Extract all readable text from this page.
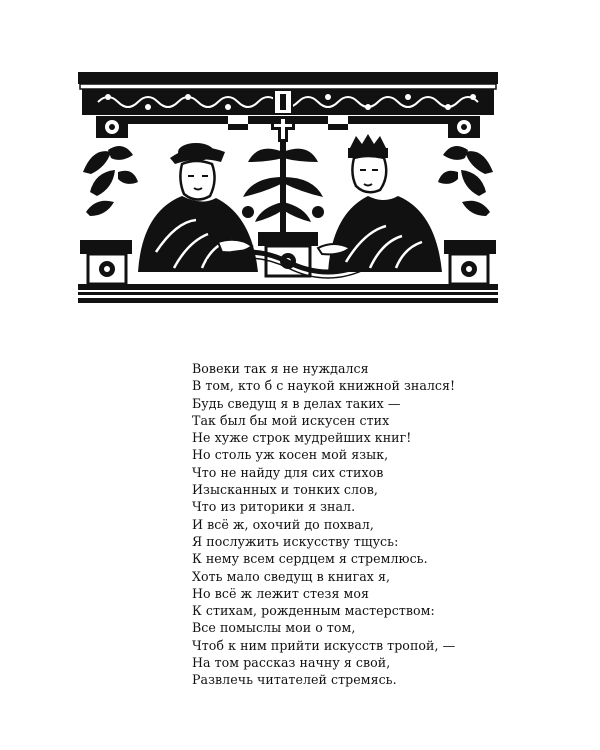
Вовеки так я не нуждался
В том, кто б с наукой книжной знался!
Будь сведущ я в делах таких —
Так был бы мой искусен стих
Не хуже строк мудрейших книг!
Но столь уж косен мой язык,
Что не найду для сих стихов
Изысканных и тонких слов,
Что из риторики я знал.
И всё ж, охочий до похвал,
Я послужить искусству тщусь:
К нему всем сердцем я стремлюсь.
Хоть мало сведущ в книгах я,
Но всё ж лежит стезя моя
К стихам, рожденным мастерством:
Все помыслы мои о том,
Чтоб к ним прийти искусств тропой, —
На том рассказ начну я свой,
Развлечь читателей стремясь.
